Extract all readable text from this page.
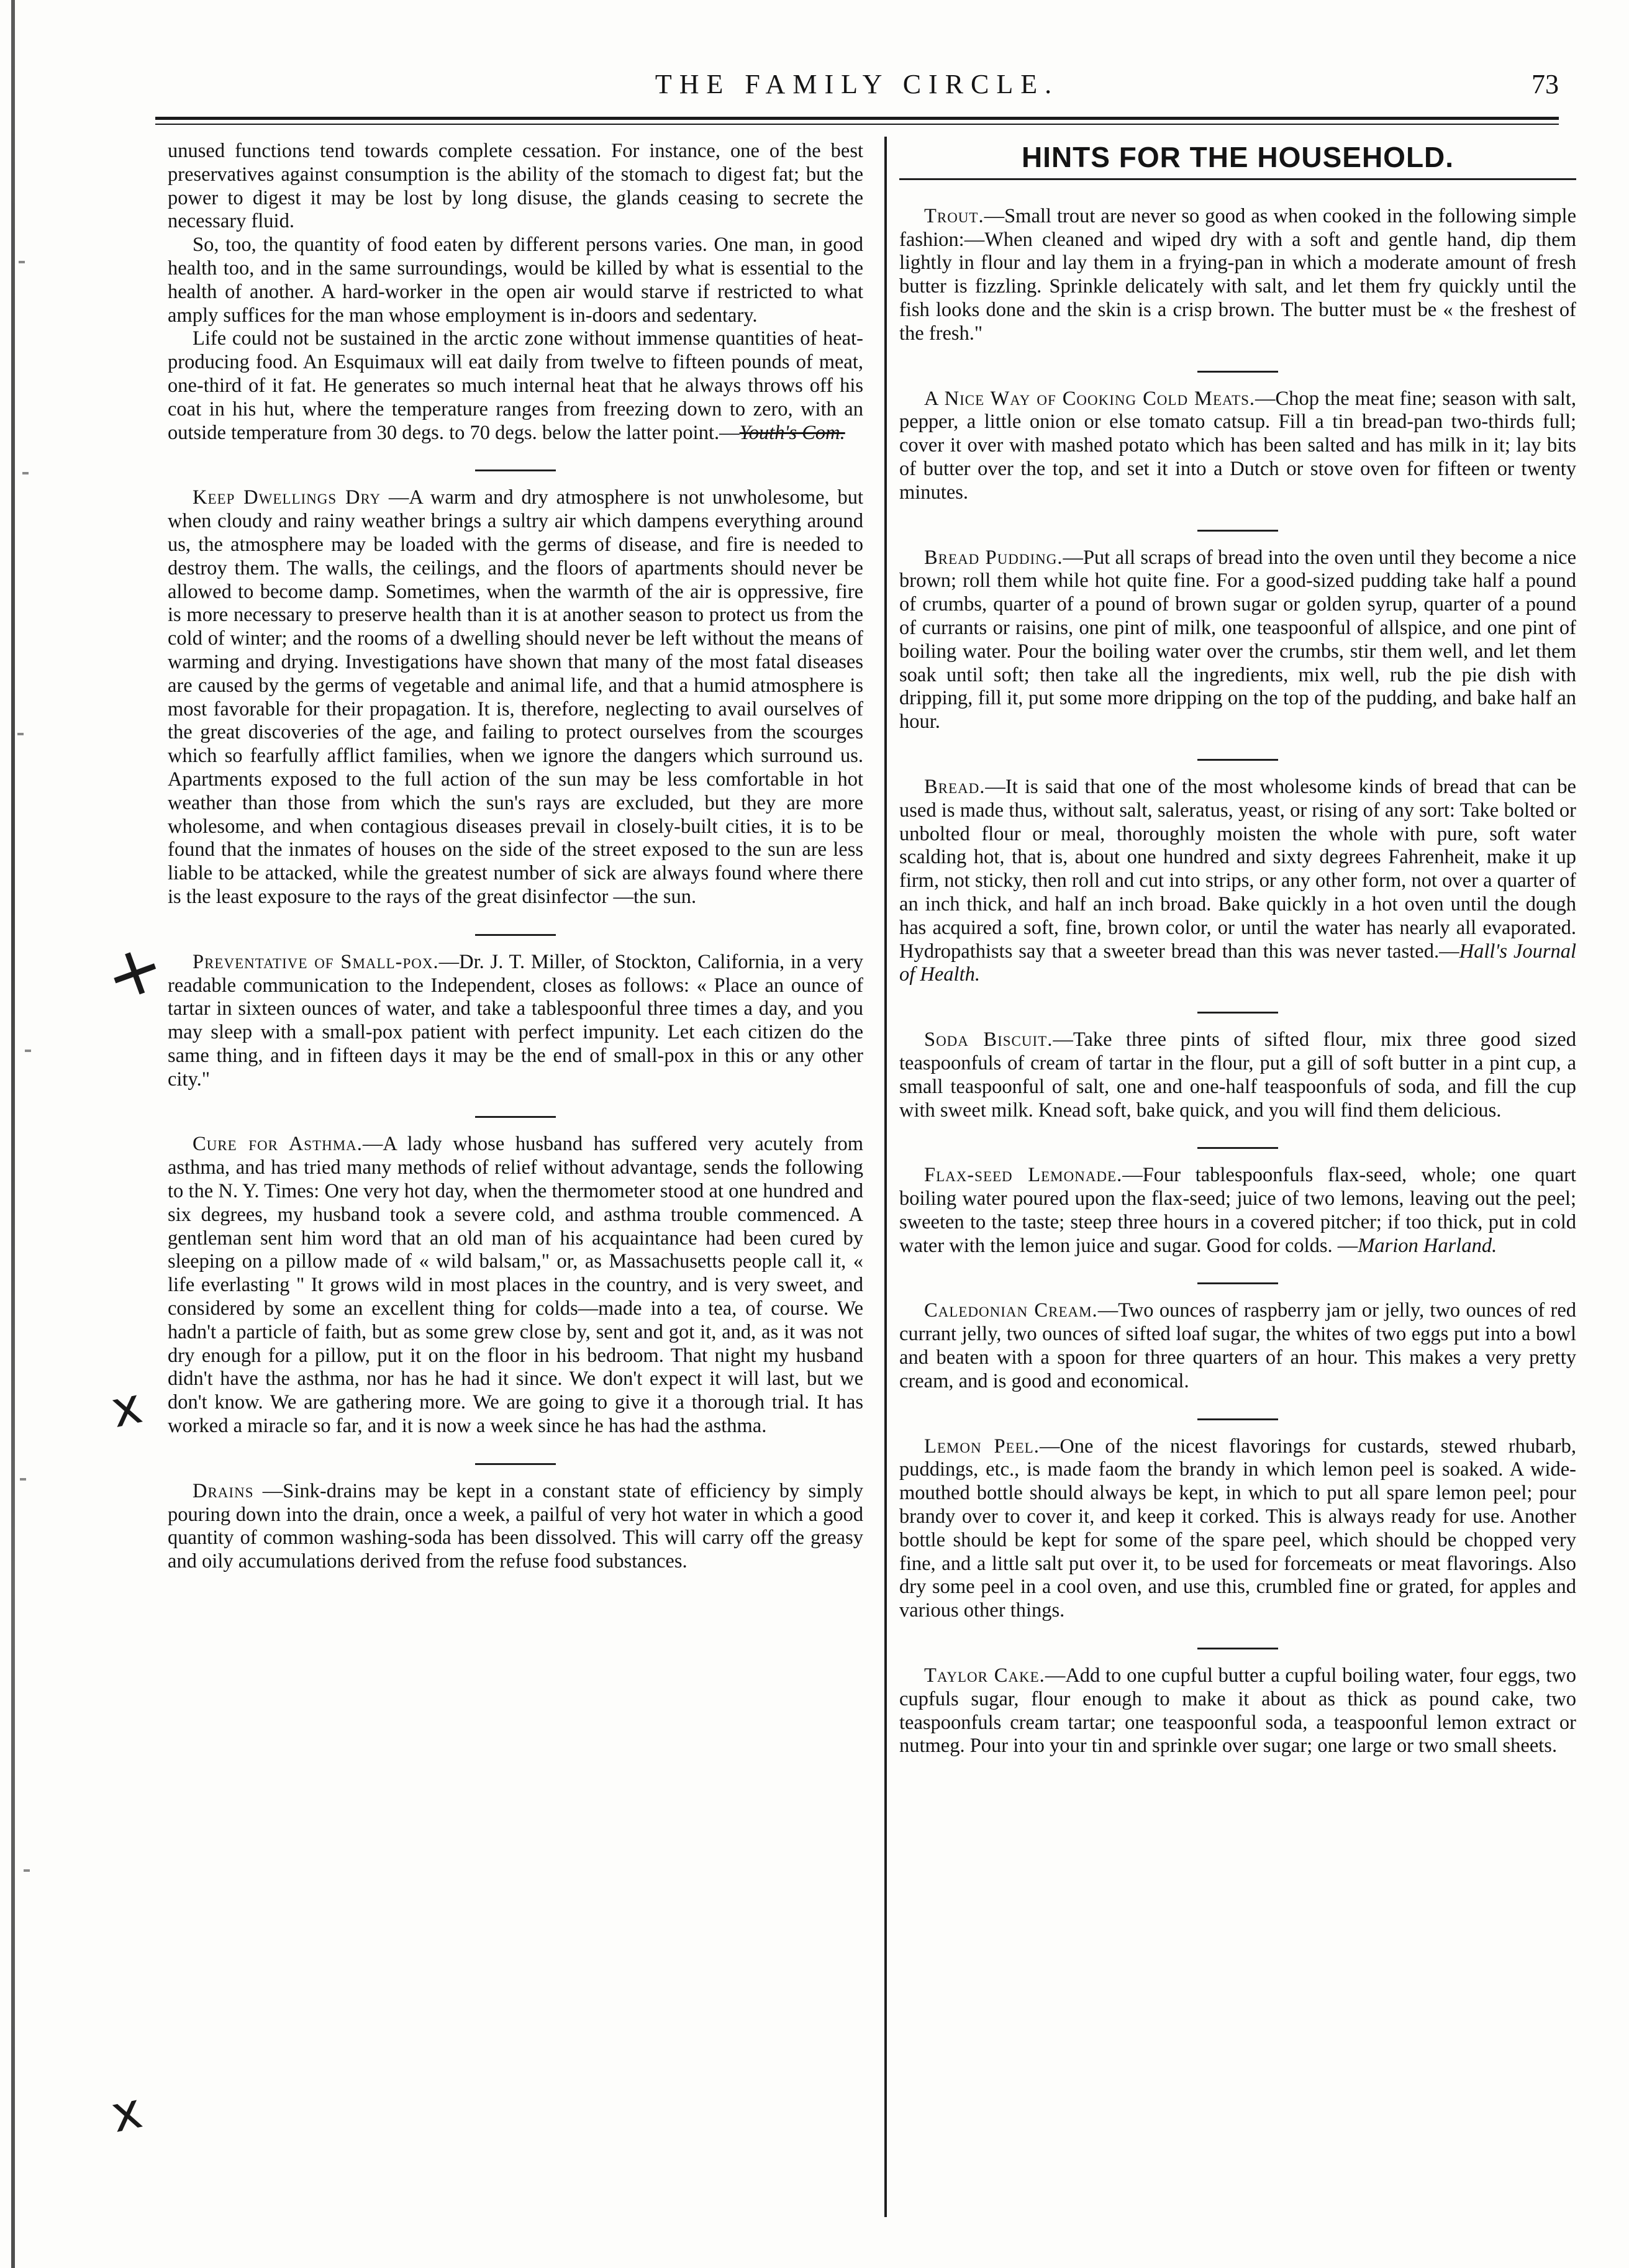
THE FAMILY CIRCLE.	73

unused functions tend towards complete cessation. For instance, one of the best preservatives against consumption is the ability of the stomach to digest fat; but the power to digest it may be lost by long disuse, the glands ceasing to secrete the necessary fluid.

So, too, the quantity of food eaten by different persons varies. One man, in good health too, and in the same surroundings, would be killed by what is essential to the health of another. A hard-worker in the open air would starve if restricted to what amply suffices for the man whose employment is in-doors and sedentary.

Life could not be sustained in the arctic zone without immense quantities of heat-producing food. An Esquimaux will eat daily from twelve to fifteen pounds of meat, one-third of it fat. He generates so much internal heat that he always throws off his coat in his hut, where the temperature ranges from freezing down to zero, with an outside temperature from 30 degs. to 70 degs. below the latter point.—Youth's Com.

Keep Dwellings Dry —A warm and dry atmosphere is not unwholesome, but when cloudy and rainy weather brings a sultry air which dampens everything around us, the atmosphere may be loaded with the germs of disease, and fire is needed to destroy them. The walls, the ceilings, and the floors of apartments should never be allowed to become damp. Sometimes, when the warmth of the air is oppressive, fire is more necessary to preserve health than it is at another season to protect us from the cold of winter; and the rooms of a dwelling should never be left without the means of warming and drying. Investigations have shown that many of the most fatal diseases are caused by the germs of vegetable and animal life, and that a humid atmosphere is most favorable for their propagation. It is, therefore, neglecting to avail ourselves of the great discoveries of the age, and failing to protect ourselves from the scourges which so fearfully afflict families, when we ignore the dangers which surround us. Apartments exposed to the full action of the sun may be less comfortable in hot weather than those from which the sun's rays are excluded, but they are more wholesome, and when contagious diseases prevail in closely-built cities, it is to be found that the inmates of houses on the side of the street exposed to the sun are less liable to be attacked, while the greatest number of sick are always found where there is the least exposure to the rays of the great disinfector —the sun.

Preventative of Small-pox.—Dr. J. T. Miller, of Stockton, California, in a very readable communication to the Independent, closes as follows: « Place an ounce of tartar in sixteen ounces of water, and take a tablespoonful three times a day, and you may sleep with a small-pox patient with perfect impunity. Let each citizen do the same thing, and in fifteen days it may be the end of small-pox in this or any other city."

Cure for Asthma.—A lady whose husband has suffered very acutely from asthma, and has tried many methods of relief without advantage, sends the following to the N. Y. Times: One very hot day, when the thermometer stood at one hundred and six degrees, my husband took a severe cold, and asthma trouble commenced. A gentleman sent him word that an old man of his acquaintance had been cured by sleeping on a pillow made of « wild balsam," or, as Massachusetts people call it, « life everlasting " It grows wild in most places in the country, and is very sweet, and considered by some an excellent thing for colds—made into a tea, of course. We hadn't a particle of faith, but as some grew close by, sent and got it, and, as it was not dry enough for a pillow, put it on the floor in his bedroom. That night my husband didn't have the asthma, nor has he had it since. We don't expect it will last, but we don't know. We are gathering more. We are going to give it a thorough trial. It has worked a miracle so far, and it is now a week since he has had the asthma.

Drains —Sink-drains may be kept in a constant state of efficiency by simply pouring down into the drain, once a week, a pailful of very hot water in which a good quantity of common washing-soda has been dissolved. This will carry off the greasy and oily accumulations derived from the refuse food substances.

HINTS FOR THE HOUSEHOLD.

Trout.—Small trout are never so good as when cooked in the following simple fashion:—When cleaned and wiped dry with a soft and gentle hand, dip them lightly in flour and lay them in a frying-pan in which a moderate amount of fresh butter is fizzling. Sprinkle delicately with salt, and let them fry quickly until the fish looks done and the skin is a crisp brown. The butter must be « the freshest of the fresh."

A Nice Way of Cooking Cold Meats.—Chop the meat fine; season with salt, pepper, a little onion or else tomato catsup. Fill a tin bread-pan two-thirds full; cover it over with mashed potato which has been salted and has milk in it; lay bits of butter over the top, and set it into a Dutch or stove oven for fifteen or twenty minutes.

Bread Pudding.—Put all scraps of bread into the oven until they become a nice brown; roll them while hot quite fine. For a good-sized pudding take half a pound of crumbs, quarter of a pound of brown sugar or golden syrup, quarter of a pound of currants or raisins, one pint of milk, one teaspoonful of allspice, and one pint of boiling water. Pour the boiling water over the crumbs, stir them well, and let them soak until soft; then take all the ingredients, mix well, rub the pie dish with dripping, fill it, put some more dripping on the top of the pudding, and bake half an hour.

Bread.—It is said that one of the most wholesome kinds of bread that can be used is made thus, without salt, saleratus, yeast, or rising of any sort: Take bolted or unbolted flour or meal, thoroughly moisten the whole with pure, soft water scalding hot, that is, about one hundred and sixty degrees Fahrenheit, make it up firm, not sticky, then roll and cut into strips, or any other form, not over a quarter of an inch thick, and half an inch broad. Bake quickly in a hot oven until the dough has acquired a soft, fine, brown color, or until the water has nearly all evaporated. Hydropathists say that a sweeter bread than this was never tasted.—Hall's Journal of Health.

Soda Biscuit.—Take three pints of sifted flour, mix three good sized teaspoonfuls of cream of tartar in the flour, put a gill of soft butter in a pint cup, a small teaspoonful of salt, one and one-half teaspoonfuls of soda, and fill the cup with sweet milk. Knead soft, bake quick, and you will find them delicious.

Flax-seed Lemonade.—Four tablespoonfuls flax-seed, whole; one quart boiling water poured upon the flax-seed; juice of two lemons, leaving out the peel; sweeten to the taste; steep three hours in a covered pitcher; if too thick, put in cold water with the lemon juice and sugar. Good for colds. —Marion Harland.

Caledonian Cream.—Two ounces of raspberry jam or jelly, two ounces of red currant jelly, two ounces of sifted loaf sugar, the whites of two eggs put into a bowl and beaten with a spoon for three quarters of an hour. This makes a very pretty cream, and is good and economical.

Lemon Peel.—One of the nicest flavorings for custards, stewed rhubarb, puddings, etc., is made faom the brandy in which lemon peel is soaked. A wide-mouthed bottle should always be kept, in which to put all spare lemon peel; pour brandy over to cover it, and keep it corked. This is always ready for use. Another bottle should be kept for some of the spare peel, which should be chopped very fine, and a little salt put over it, to be used for forcemeats or meat flavorings. Also dry some peel in a cool oven, and use this, crumbled fine or grated, for apples and various other things.

Taylor Cake.—Add to one cupful butter a cupful boiling water, four eggs, two cupfuls sugar, flour enough to make it about as thick as pound cake, two teaspoonfuls cream tartar; one teaspoonful soda, a teaspoonful lemon extract or nutmeg. Pour into your tin and sprinkle over sugar; one large or two small sheets.

+
x
x
